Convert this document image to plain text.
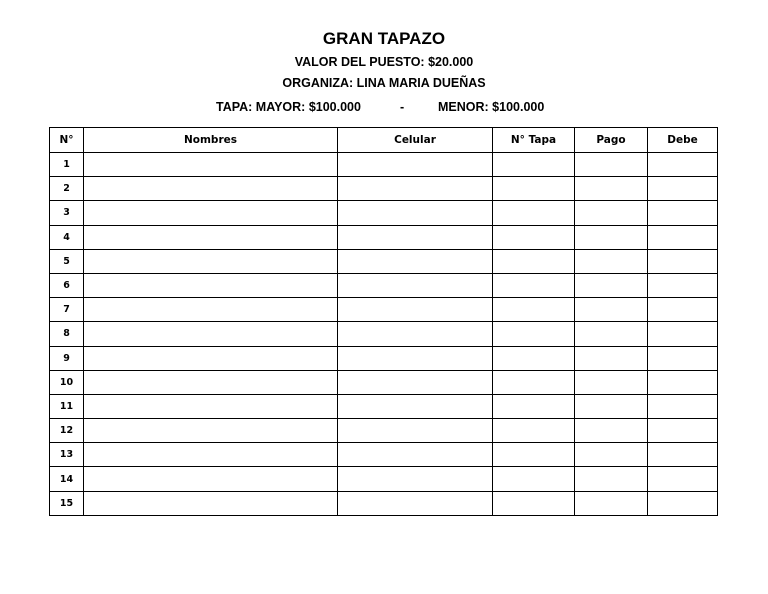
GRAN TAPAZO
VALOR DEL PUESTO: $20.000
ORGANIZA: LINA MARIA DUEÑAS
TAPA: MAYOR: $100.000	-	MENOR: $100.000
N°	Nombres	Celular	N° Tapa	Pago	Debe
1					
2					
3					
4					
5					
6					
7					
8					
9					
10					
11					
12					
13					
14					
15					
